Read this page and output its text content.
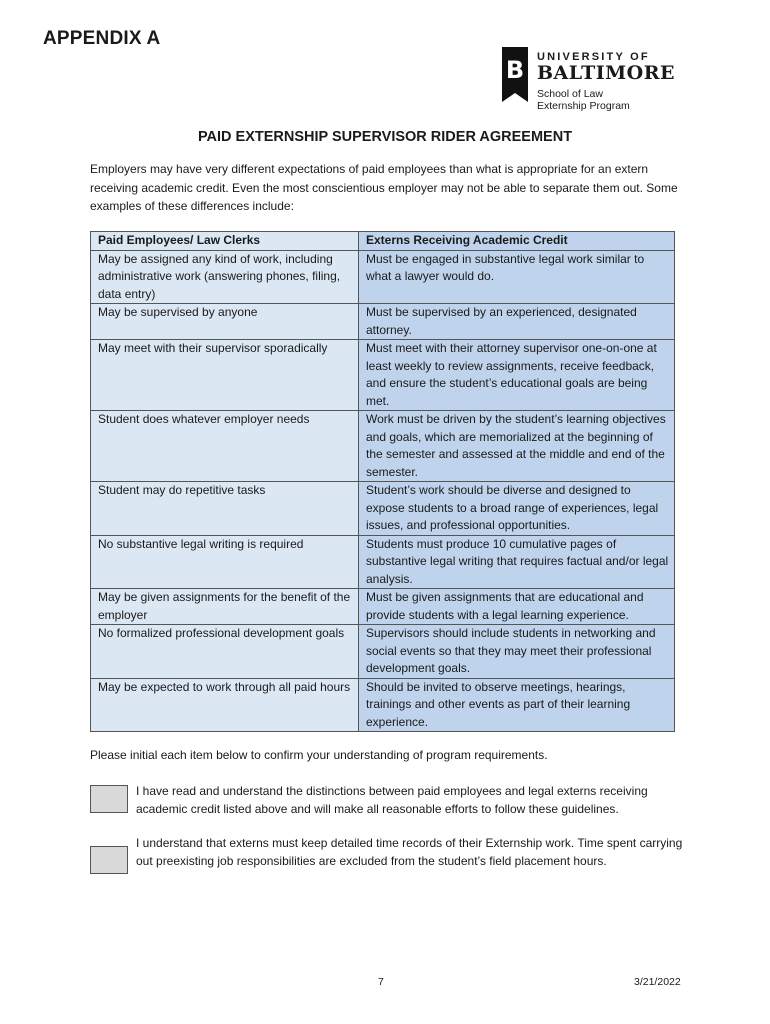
APPENDIX A
B	UNIVERSITY OF
BALTIMORE
School of Law
Externship Program
PAID EXTERNSHIP SUPERVISOR RIDER AGREEMENT
Employers may have very different expectations of paid employees than what is appropriate for an extern receiving academic credit. Even the most conscientious employer may not be able to separate them out. Some examples of these differences include:
Paid Employees/ Law Clerks	Externs Receiving Academic Credit
May be assigned any kind of work, including administrative work (answering phones, filing, data entry)	Must be engaged in substantive legal work similar to what a lawyer would do.
May be supervised by anyone	Must be supervised by an experienced, designated attorney.
May meet with their supervisor sporadically	Must meet with their attorney supervisor one-on-one at least weekly to review assignments, receive feedback, and ensure the student’s educational goals are being met.
Student does whatever employer needs	Work must be driven by the student’s learning objectives and goals, which are memorialized at the beginning of the semester and assessed at the middle and end of the semester.
Student may do repetitive tasks	Student’s work should be diverse and designed to expose students to a broad range of experiences, legal issues, and professional opportunities.
No substantive legal writing is required	Students must produce 10 cumulative pages of substantive legal writing that requires factual and/or legal analysis.
May be given assignments for the benefit of the employer	Must be given assignments that are educational and provide students with a legal learning experience.
No formalized professional development goals	Supervisors should include students in networking and social events so that they may meet their professional development goals.
May be expected to work through all paid hours	Should be invited to observe meetings, hearings, trainings and other events as part of their learning experience.
Please initial each item below to confirm your understanding of program requirements.
I have read and understand the distinctions between paid employees and legal externs receiving academic credit listed above and will make all reasonable efforts to follow these guidelines.
I understand that externs must keep detailed time records of their Externship work. Time spent carrying out preexisting job responsibilities are excluded from the student’s field placement hours.
7	3/21/2022
